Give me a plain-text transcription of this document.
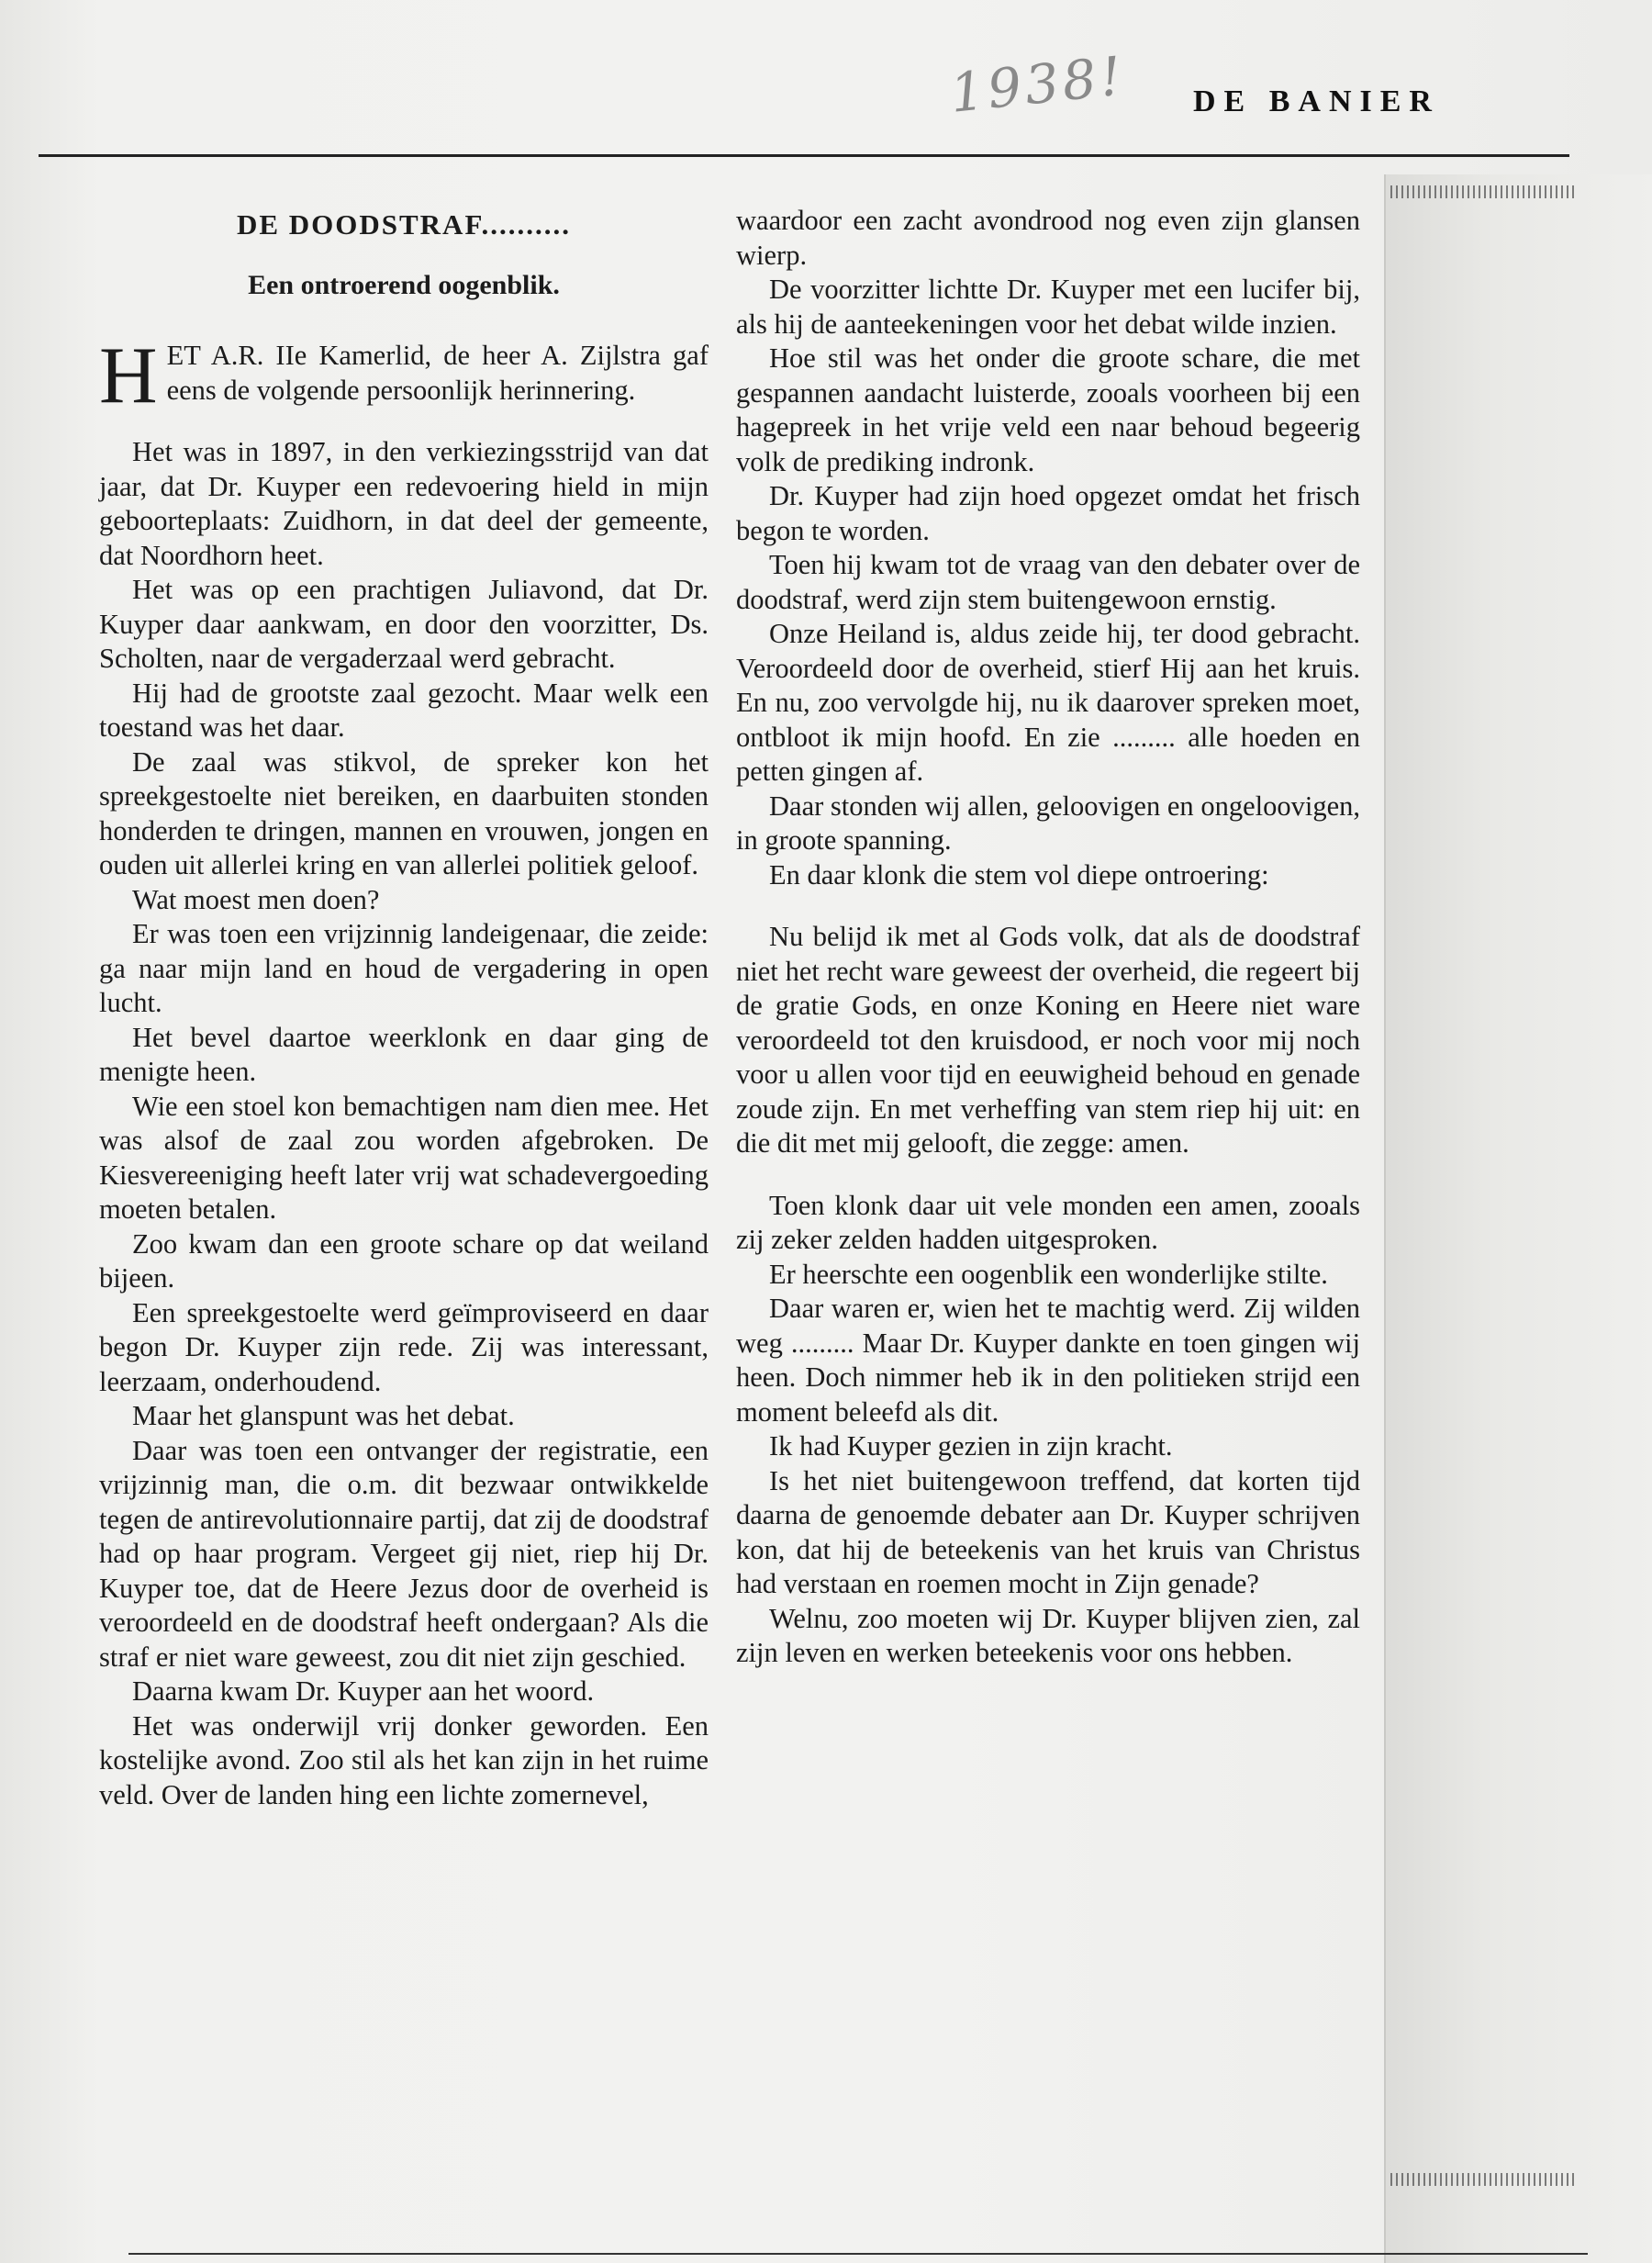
1938! DE BANIER

DE DOODSTRAF..........

Een ontroerend oogenblik.

HET A.R. IIe Kamerlid, de heer A. Zijlstra gaf eens de volgende persoonlijk herinnering.

Het was in 1897, in den verkiezingsstrijd van dat jaar, dat Dr. Kuyper een redevoering hield in mijn geboorteplaats: Zuidhorn, in dat deel der gemeente, dat Noordhorn heet.

Het was op een prachtigen Juliavond, dat Dr. Kuyper daar aankwam, en door den voorzitter, Ds. Scholten, naar de vergaderzaal werd gebracht.

Hij had de grootste zaal gezocht. Maar welk een toestand was het daar.

De zaal was stikvol, de spreker kon het spreekgestoelte niet bereiken, en daarbuiten stonden honderden te dringen, mannen en vrouwen, jongen en ouden uit allerlei kring en van allerlei politiek geloof.

Wat moest men doen?

Er was toen een vrijzinnig landeigenaar, die zeide: ga naar mijn land en houd de vergadering in open lucht.

Het bevel daartoe weerklonk en daar ging de menigte heen.

Wie een stoel kon bemachtigen nam dien mee. Het was alsof de zaal zou worden afgebroken. De Kiesvereeniging heeft later vrij wat schadevergoeding moeten betalen.

Zoo kwam dan een groote schare op dat weiland bijeen.

Een spreekgestoelte werd geïmproviseerd en daar begon Dr. Kuyper zijn rede. Zij was interessant, leerzaam, onderhoudend.

Maar het glanspunt was het debat.

Daar was toen een ontvanger der registratie, een vrijzinnig man, die o.m. dit bezwaar ontwikkelde tegen de antirevolutionnaire partij, dat zij de doodstraf had op haar program. Vergeet gij niet, riep hij Dr. Kuyper toe, dat de Heere Jezus door de overheid is veroordeeld en de doodstraf heeft ondergaan? Als die straf er niet ware geweest, zou dit niet zijn geschied.

Daarna kwam Dr. Kuyper aan het woord.

Het was onderwijl vrij donker geworden. Een kostelijke avond. Zoo stil als het kan zijn in het ruime veld. Over de landen hing een lichte zomernevel,

waardoor een zacht avondrood nog even zijn glansen wierp.

De voorzitter lichtte Dr. Kuyper met een lucifer bij, als hij de aanteekeningen voor het debat wilde inzien.

Hoe stil was het onder die groote schare, die met gespannen aandacht luisterde, zooals voorheen bij een hagepreek in het vrije veld een naar behoud begeerig volk de prediking indronk.

Dr. Kuyper had zijn hoed opgezet omdat het frisch begon te worden.

Toen hij kwam tot de vraag van den debater over de doodstraf, werd zijn stem buitengewoon ernstig.

Onze Heiland is, aldus zeide hij, ter dood gebracht. Veroordeeld door de overheid, stierf Hij aan het kruis. En nu, zoo vervolgde hij, nu ik daarover spreken moet, ontbloot ik mijn hoofd. En zie ......... alle hoeden en petten gingen af.

Daar stonden wij allen, geloovigen en ongeloovigen, in groote spanning.

En daar klonk die stem vol diepe ontroering:

Nu belijd ik met al Gods volk, dat als de doodstraf niet het recht ware geweest der overheid, die regeert bij de gratie Gods, en onze Koning en Heere niet ware veroordeeld tot den kruisdood, er noch voor mij noch voor u allen voor tijd en eeuwigheid behoud en genade zoude zijn. En met verheffing van stem riep hij uit: en die dit met mij gelooft, die zegge: amen.

Toen klonk daar uit vele monden een amen, zooals zij zeker zelden hadden uitgesproken.

Er heerschte een oogenblik een wonderlijke stilte.

Daar waren er, wien het te machtig werd. Zij wilden weg ......... Maar Dr. Kuyper dankte en toen gingen wij heen. Doch nimmer heb ik in den politieken strijd een moment beleefd als dit.

Ik had Kuyper gezien in zijn kracht.

Is het niet buitengewoon treffend, dat korten tijd daarna de genoemde debater aan Dr. Kuyper schrijven kon, dat hij de beteekenis van het kruis van Christus had verstaan en roemen mocht in Zijn genade?

Welnu, zoo moeten wij Dr. Kuyper blijven zien, zal zijn leven en werken beteekenis voor ons hebben.
